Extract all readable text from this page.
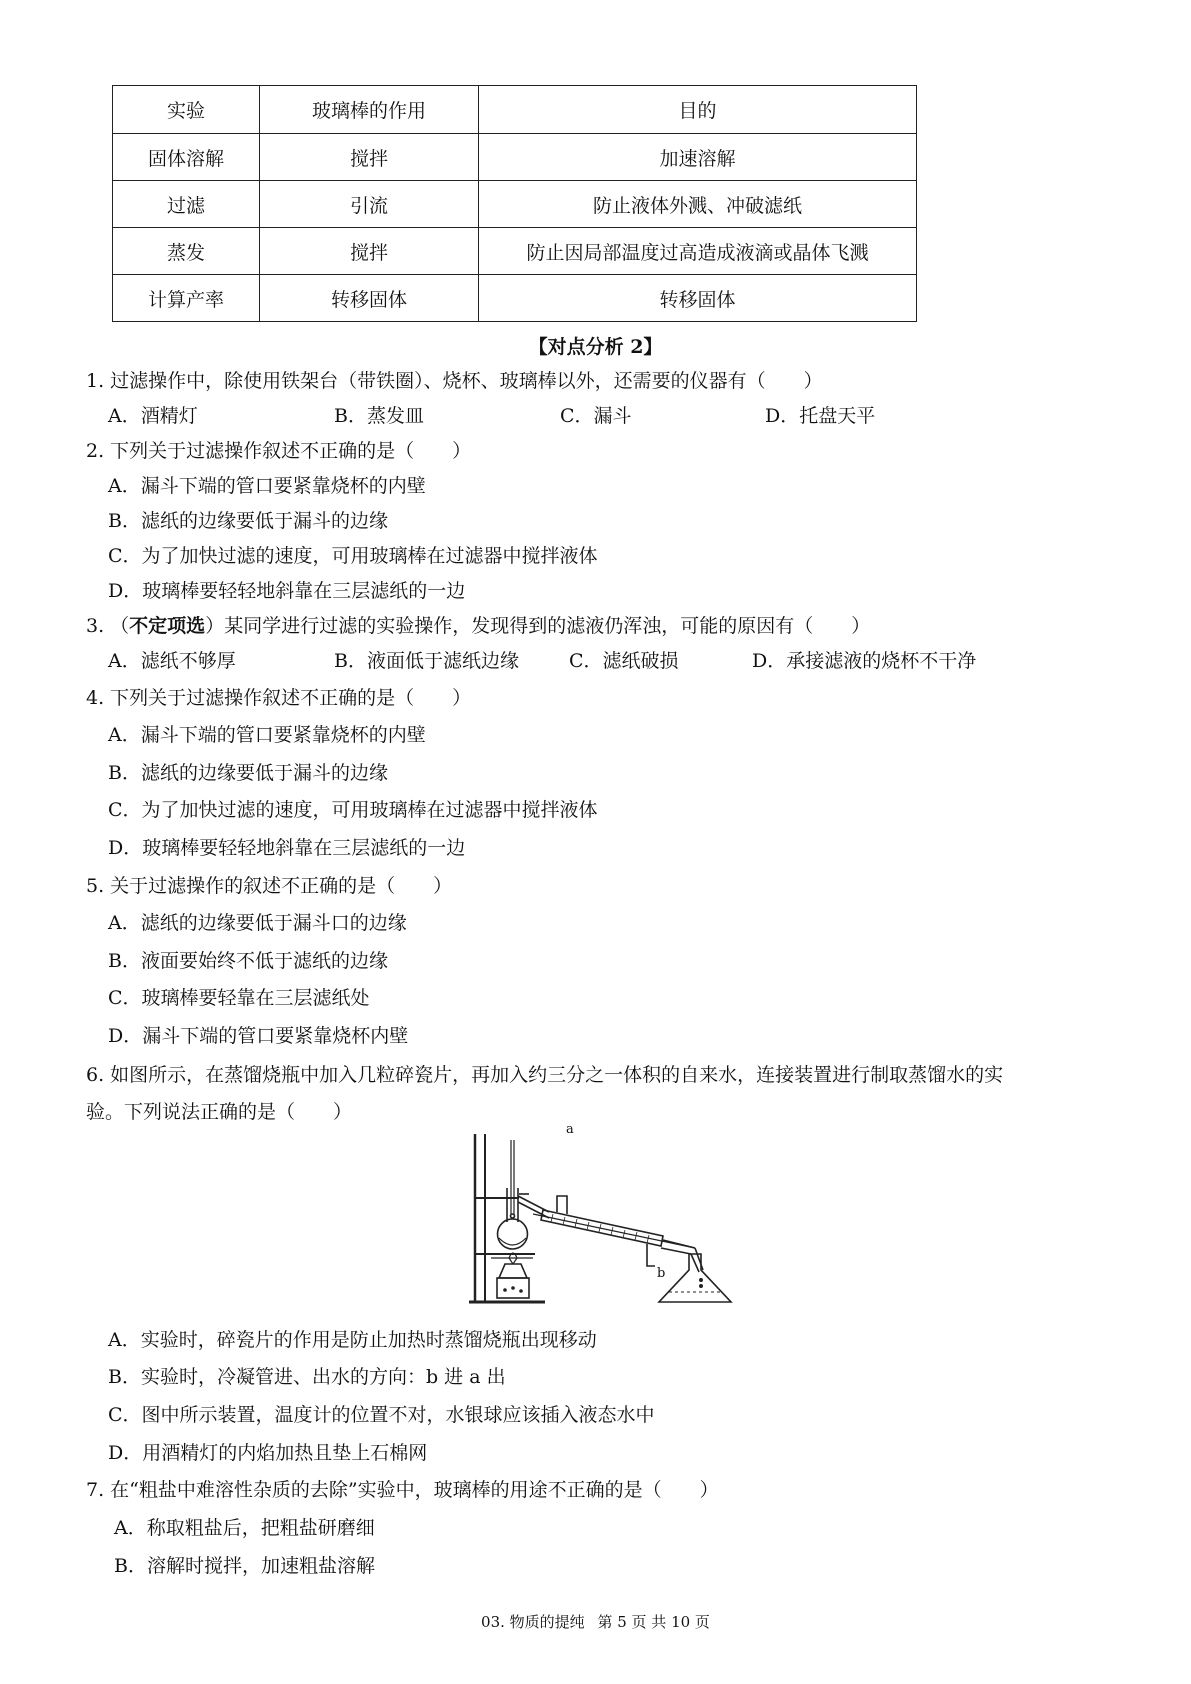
实验	玻璃棒的作用	目的
固体溶解	搅拌	加速溶解
过滤	引流	防止液体外溅、冲破滤纸
蒸发	搅拌	防止因局部温度过高造成液滴或晶体飞溅
计算产率	转移固体	转移固体
【对点分析 2】
1. 过滤操作中，除使用铁架台（带铁圈）、烧杯、玻璃棒以外，还需要的仪器有（　　）
A．酒精灯	B．蒸发皿	C．漏斗	D．托盘天平
2. 下列关于过滤操作叙述不正确的是（　　）
A．漏斗下端的管口要紧靠烧杯的内壁
B．滤纸的边缘要低于漏斗的边缘
C．为了加快过滤的速度，可用玻璃棒在过滤器中搅拌液体
D．玻璃棒要轻轻地斜靠在三层滤纸的一边
3. （不定项选）某同学进行过滤的实验操作，发现得到的滤液仍浑浊，可能的原因有（　　）
A．滤纸不够厚	B．液面低于滤纸边缘	C．滤纸破损	D．承接滤液的烧杯不干净
4. 下列关于过滤操作叙述不正确的是（　　）
A．漏斗下端的管口要紧靠烧杯的内壁
B．滤纸的边缘要低于漏斗的边缘
C．为了加快过滤的速度，可用玻璃棒在过滤器中搅拌液体
D．玻璃棒要轻轻地斜靠在三层滤纸的一边
5. 关于过滤操作的叙述不正确的是（　　）
A．滤纸的边缘要低于漏斗口的边缘
B．液面要始终不低于滤纸的边缘
C．玻璃棒要轻靠在三层滤纸处
D．漏斗下端的管口要紧靠烧杯内壁
6. 如图所示，在蒸馏烧瓶中加入几粒碎瓷片，再加入约三分之一体积的自来水，连接装置进行制取蒸馏水的实
验。下列说法正确的是（　　）
a
b
A．实验时，碎瓷片的作用是防止加热时蒸馏烧瓶出现移动
B．实验时，冷凝管进、出水的方向：b 进 a 出
C．图中所示装置，温度计的位置不对，水银球应该插入液态水中
D．用酒精灯的内焰加热且垫上石棉网
7. 在“粗盐中难溶性杂质的去除”实验中，玻璃棒的用途不正确的是（　　）
A．称取粗盐后，把粗盐研磨细
B．溶解时搅拌，加速粗盐溶解
03. 物质的提纯 第 5 页 共 10 页
